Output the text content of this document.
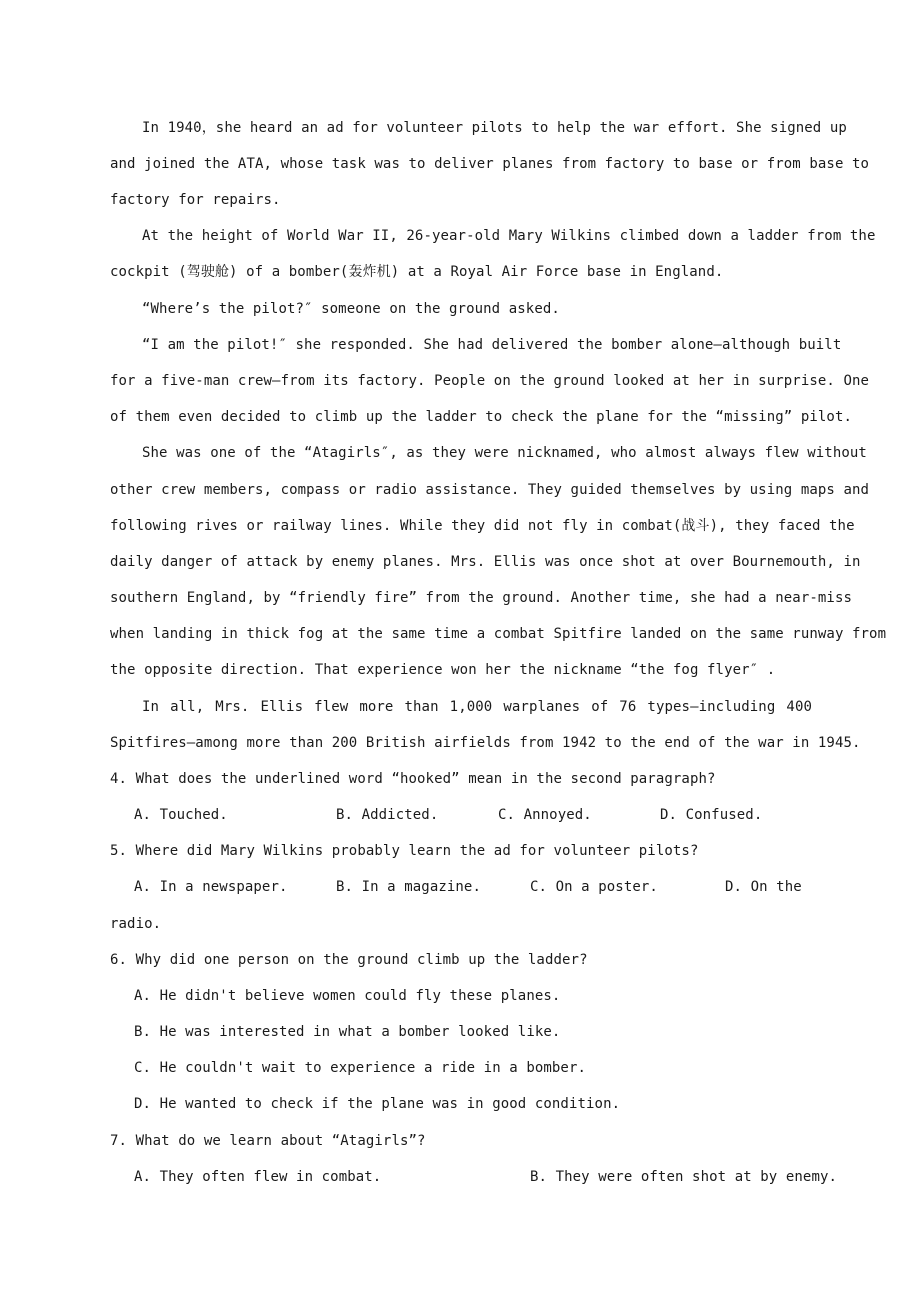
In 1940，she heard an ad for volunteer pilots to help the war effort. She signed up
and joined the ATA, whose task was to deliver planes from factory to base or from base to
factory for repairs.
At the height of World War II, 26-year-old Mary Wilkins climbed down a ladder from the
cockpit (驾驶舱) of a bomber(轰炸机) at a Royal Air Force base in England.
“Where’s the pilot?″ someone on the ground asked.
“I am the pilot!″ she responded. She had delivered the bomber alone—although built
for a five-man crew—from its factory. People on the ground looked at her in surprise. One
of them even decided to climb up the ladder to check the plane for the “missing” pilot.
She was one of the “Atagirls″, as they were nicknamed, who almost always flew without
other crew members, compass or radio assistance. They guided themselves by using maps and
following rives or railway lines. While they did not fly in combat(战斗), they faced the
daily danger of attack by enemy planes. Mrs. Ellis was once shot at over Bournemouth, in
southern England, by “friendly fire” from the ground. Another time, she had a near-miss
when landing in thick fog at the same time a combat Spitfire landed on the same runway from
the opposite direction. That experience won her the nickname “the fog flyer″ .
In all, Mrs. Ellis flew more than 1,000 warplanes of 76 types—including 400
Spitfires—among more than 200 British airfields from 1942 to the end of the war in 1945.
4. What does the underlined word “hooked” mean in the second paragraph?
A. Touched.	B. Addicted.	C. Annoyed.	D. Confused.
5. Where did Mary Wilkins probably learn the ad for volunteer pilots?
A. In a newspaper.	B. In a magazine.	C. On a poster.	D. On the
radio.
6. Why did one person on the ground climb up the ladder?
A. He didn't believe women could fly these planes.
B. He was interested in what a bomber looked like.
C. He couldn't wait to experience a ride in a bomber.
D. He wanted to check if the plane was in good condition.
7. What do we learn about “Atagirls”?
A. They often flew in combat.	B. They were often shot at by enemy.
